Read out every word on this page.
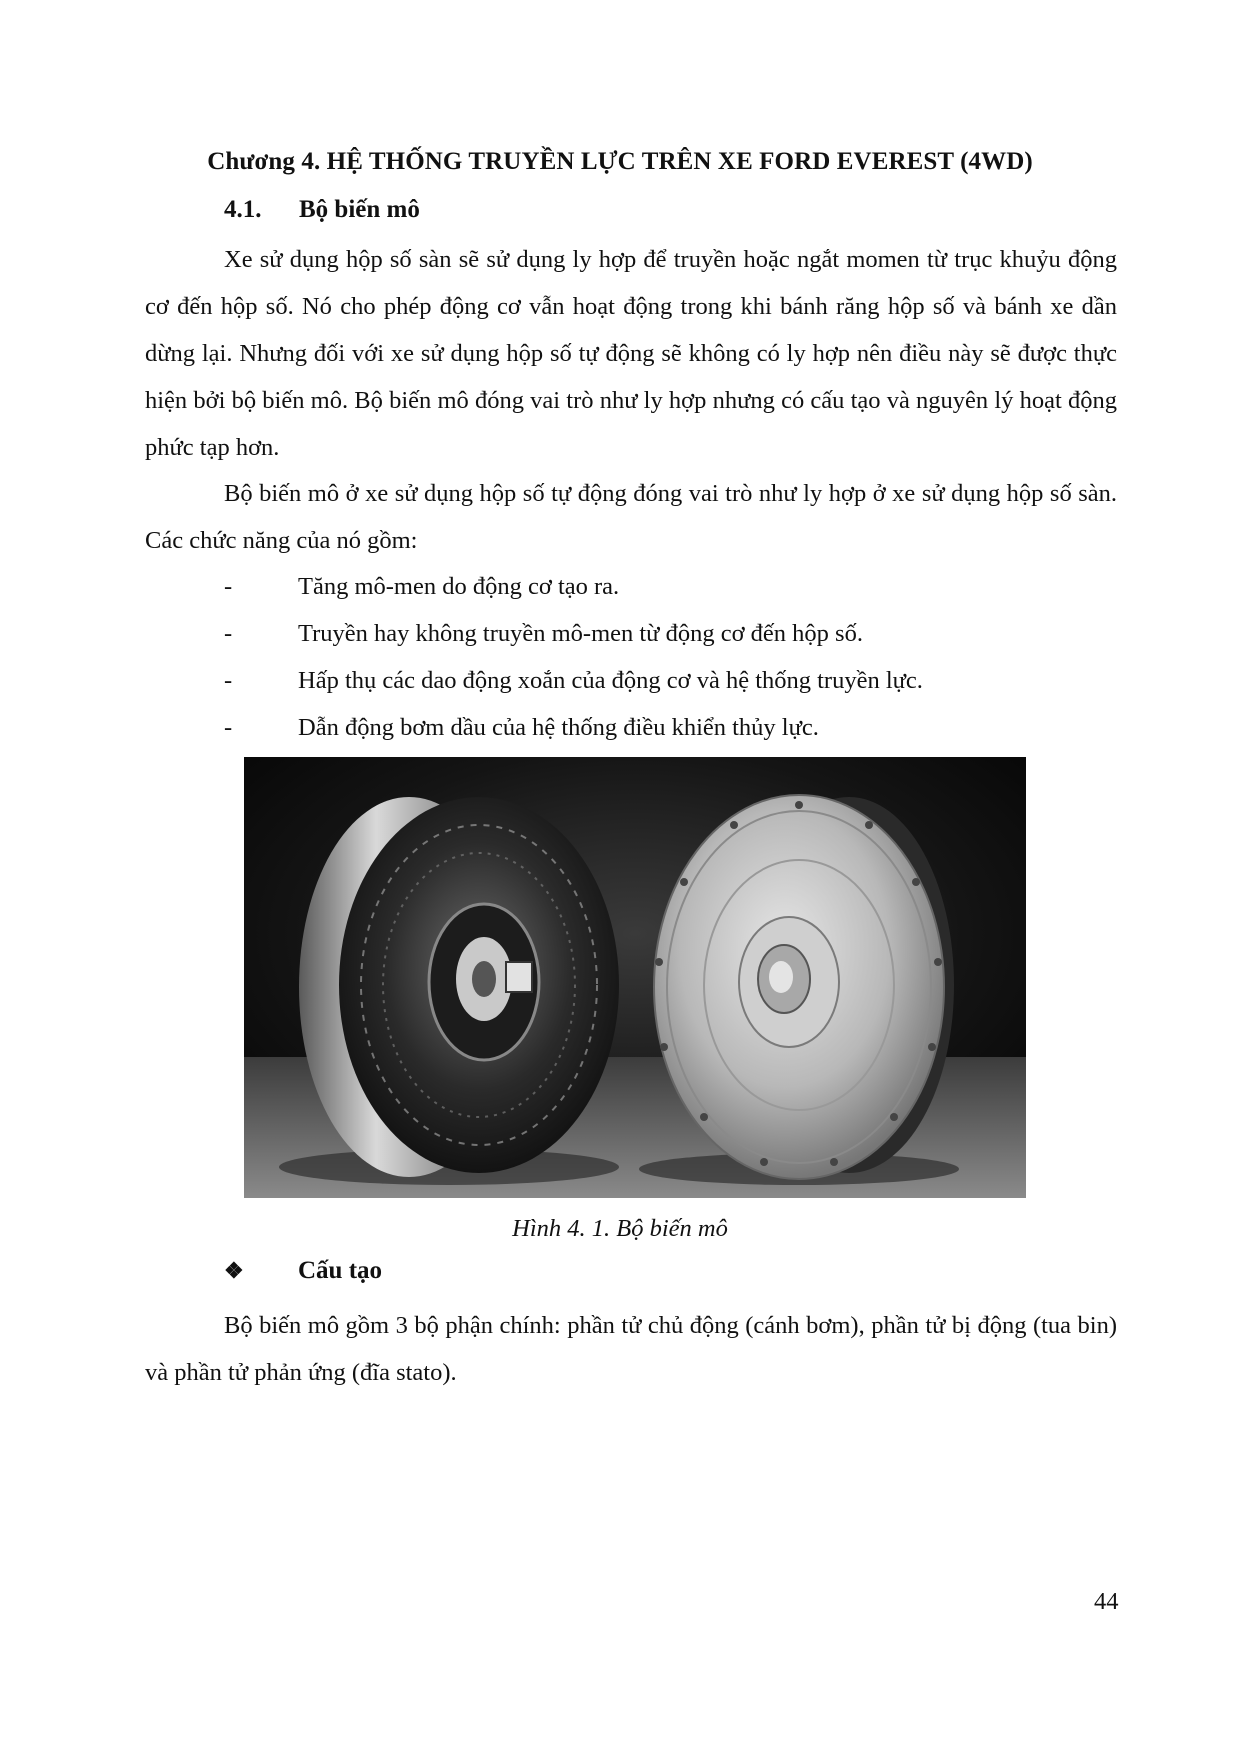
Chương 4. HỆ THỐNG TRUYỀN LỰC TRÊN XE FORD EVEREST (4WD)
4.1. Bộ biến mô
Xe sử dụng hộp số sàn sẽ sử dụng ly hợp để truyền hoặc ngắt momen từ trục khuỷu động cơ đến hộp số. Nó cho phép động cơ vẫn hoạt động trong khi bánh răng hộp số và bánh xe dần dừng lại. Nhưng đối với xe sử dụng hộp số tự động sẽ không có ly hợp nên điều này sẽ được thực hiện bởi bộ biến mô. Bộ biến mô đóng vai trò như ly hợp nhưng có cấu tạo và nguyên lý hoạt động phức tạp hơn.
Bộ biến mô ở xe sử dụng hộp số tự động đóng vai trò như ly hợp ở xe sử dụng hộp số sàn. Các chức năng của nó gồm:
-	Tăng mô-men do động cơ tạo ra.
-	Truyền hay không truyền mô-men từ động cơ đến hộp số.
-	Hấp thụ các dao động xoắn của động cơ và hệ thống truyền lực.
-	Dẫn động bơm dầu của hệ thống điều khiển thủy lực.
Hình 4. 1. Bộ biến mô
❖ Cấu tạo
Bộ biến mô gồm 3 bộ phận chính: phần tử chủ động (cánh bơm), phần tử bị động (tua bin) và phần tử phản ứng (đĩa stato).
44
